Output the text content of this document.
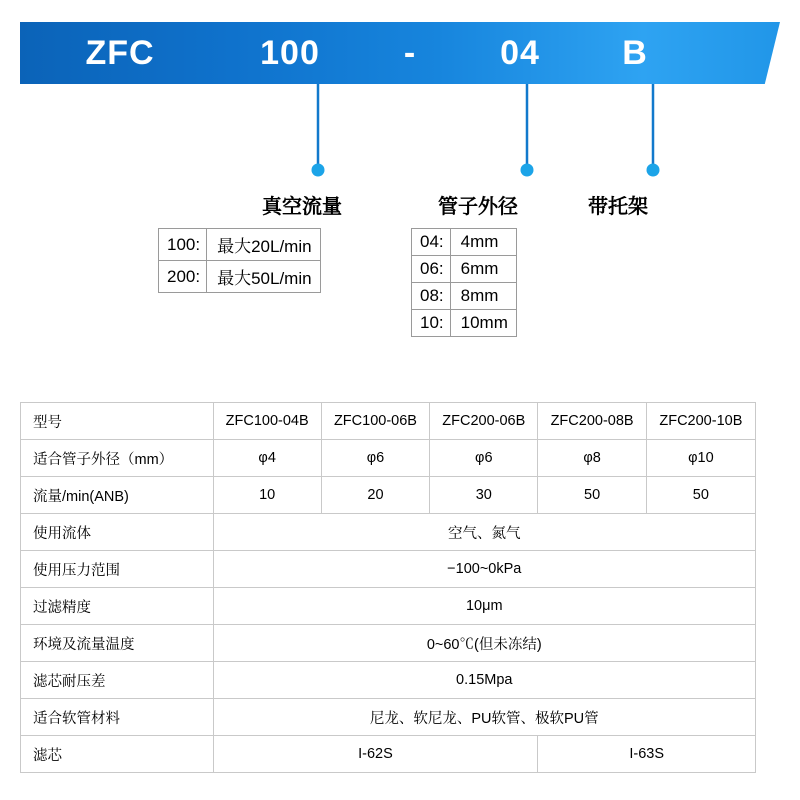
ZFC	100	-	04	B
真空流量	管子外径	带托架
100:	最大20L/min
200:	最大50L/min
04:	4mm
06:	6mm
08:	8mm
10:	10mm
型号	ZFC100-04B	ZFC100-06B	ZFC200-06B	ZFC200-08B	ZFC200-10B
适合管子外径（mm）	φ4	φ6	φ6	φ8	φ10
流量/min(ANB)	10	20	30	50	50
使用流体	空气、氮气				
使用压力范围	−100~0kPa				
过滤精度	10μm				
环境及流量温度	0~60℃(但未冻结)				
滤芯耐压差	0.15Mpa				
适合软管材料	尼龙、软尼龙、PU软管、极软PU管				
滤芯	I-62S			I-63S	
